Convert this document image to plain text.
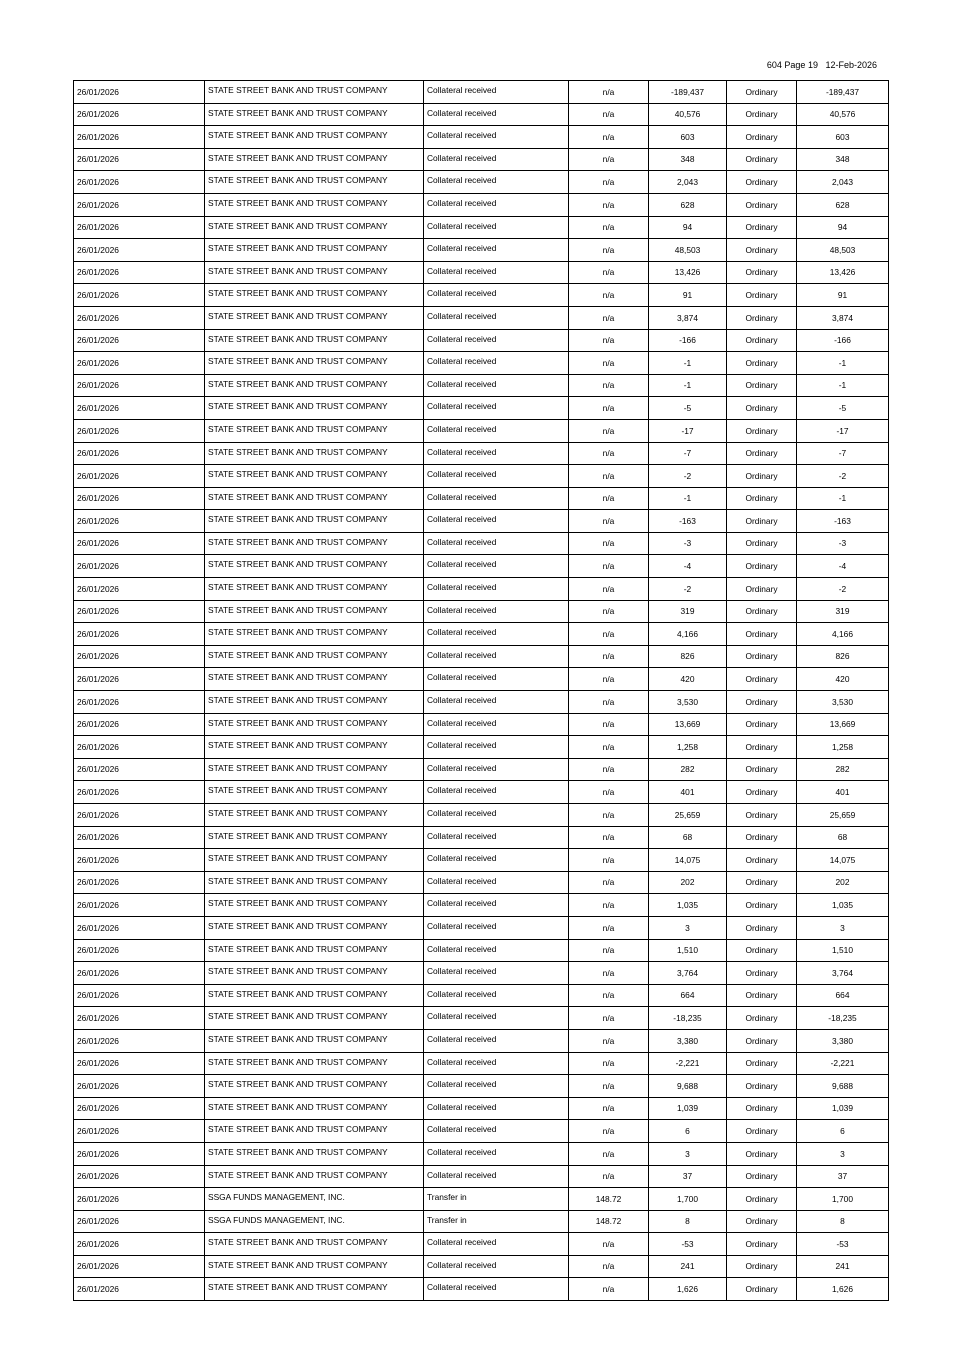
604 Page 19   12-Feb-2026
26/01/2026	STATE STREET BANK AND TRUST COMPANY	Collateral received	n/a	-189,437	Ordinary	-189,437
26/01/2026	STATE STREET BANK AND TRUST COMPANY	Collateral received	n/a	40,576	Ordinary	40,576
26/01/2026	STATE STREET BANK AND TRUST COMPANY	Collateral received	n/a	603	Ordinary	603
26/01/2026	STATE STREET BANK AND TRUST COMPANY	Collateral received	n/a	348	Ordinary	348
26/01/2026	STATE STREET BANK AND TRUST COMPANY	Collateral received	n/a	2,043	Ordinary	2,043
26/01/2026	STATE STREET BANK AND TRUST COMPANY	Collateral received	n/a	628	Ordinary	628
26/01/2026	STATE STREET BANK AND TRUST COMPANY	Collateral received	n/a	94	Ordinary	94
26/01/2026	STATE STREET BANK AND TRUST COMPANY	Collateral received	n/a	48,503	Ordinary	48,503
26/01/2026	STATE STREET BANK AND TRUST COMPANY	Collateral received	n/a	13,426	Ordinary	13,426
26/01/2026	STATE STREET BANK AND TRUST COMPANY	Collateral received	n/a	91	Ordinary	91
26/01/2026	STATE STREET BANK AND TRUST COMPANY	Collateral received	n/a	3,874	Ordinary	3,874
26/01/2026	STATE STREET BANK AND TRUST COMPANY	Collateral received	n/a	-166	Ordinary	-166
26/01/2026	STATE STREET BANK AND TRUST COMPANY	Collateral received	n/a	-1	Ordinary	-1
26/01/2026	STATE STREET BANK AND TRUST COMPANY	Collateral received	n/a	-1	Ordinary	-1
26/01/2026	STATE STREET BANK AND TRUST COMPANY	Collateral received	n/a	-5	Ordinary	-5
26/01/2026	STATE STREET BANK AND TRUST COMPANY	Collateral received	n/a	-17	Ordinary	-17
26/01/2026	STATE STREET BANK AND TRUST COMPANY	Collateral received	n/a	-7	Ordinary	-7
26/01/2026	STATE STREET BANK AND TRUST COMPANY	Collateral received	n/a	-2	Ordinary	-2
26/01/2026	STATE STREET BANK AND TRUST COMPANY	Collateral received	n/a	-1	Ordinary	-1
26/01/2026	STATE STREET BANK AND TRUST COMPANY	Collateral received	n/a	-163	Ordinary	-163
26/01/2026	STATE STREET BANK AND TRUST COMPANY	Collateral received	n/a	-3	Ordinary	-3
26/01/2026	STATE STREET BANK AND TRUST COMPANY	Collateral received	n/a	-4	Ordinary	-4
26/01/2026	STATE STREET BANK AND TRUST COMPANY	Collateral received	n/a	-2	Ordinary	-2
26/01/2026	STATE STREET BANK AND TRUST COMPANY	Collateral received	n/a	319	Ordinary	319
26/01/2026	STATE STREET BANK AND TRUST COMPANY	Collateral received	n/a	4,166	Ordinary	4,166
26/01/2026	STATE STREET BANK AND TRUST COMPANY	Collateral received	n/a	826	Ordinary	826
26/01/2026	STATE STREET BANK AND TRUST COMPANY	Collateral received	n/a	420	Ordinary	420
26/01/2026	STATE STREET BANK AND TRUST COMPANY	Collateral received	n/a	3,530	Ordinary	3,530
26/01/2026	STATE STREET BANK AND TRUST COMPANY	Collateral received	n/a	13,669	Ordinary	13,669
26/01/2026	STATE STREET BANK AND TRUST COMPANY	Collateral received	n/a	1,258	Ordinary	1,258
26/01/2026	STATE STREET BANK AND TRUST COMPANY	Collateral received	n/a	282	Ordinary	282
26/01/2026	STATE STREET BANK AND TRUST COMPANY	Collateral received	n/a	401	Ordinary	401
26/01/2026	STATE STREET BANK AND TRUST COMPANY	Collateral received	n/a	25,659	Ordinary	25,659
26/01/2026	STATE STREET BANK AND TRUST COMPANY	Collateral received	n/a	68	Ordinary	68
26/01/2026	STATE STREET BANK AND TRUST COMPANY	Collateral received	n/a	14,075	Ordinary	14,075
26/01/2026	STATE STREET BANK AND TRUST COMPANY	Collateral received	n/a	202	Ordinary	202
26/01/2026	STATE STREET BANK AND TRUST COMPANY	Collateral received	n/a	1,035	Ordinary	1,035
26/01/2026	STATE STREET BANK AND TRUST COMPANY	Collateral received	n/a	3	Ordinary	3
26/01/2026	STATE STREET BANK AND TRUST COMPANY	Collateral received	n/a	1,510	Ordinary	1,510
26/01/2026	STATE STREET BANK AND TRUST COMPANY	Collateral received	n/a	3,764	Ordinary	3,764
26/01/2026	STATE STREET BANK AND TRUST COMPANY	Collateral received	n/a	664	Ordinary	664
26/01/2026	STATE STREET BANK AND TRUST COMPANY	Collateral received	n/a	-18,235	Ordinary	-18,235
26/01/2026	STATE STREET BANK AND TRUST COMPANY	Collateral received	n/a	3,380	Ordinary	3,380
26/01/2026	STATE STREET BANK AND TRUST COMPANY	Collateral received	n/a	-2,221	Ordinary	-2,221
26/01/2026	STATE STREET BANK AND TRUST COMPANY	Collateral received	n/a	9,688	Ordinary	9,688
26/01/2026	STATE STREET BANK AND TRUST COMPANY	Collateral received	n/a	1,039	Ordinary	1,039
26/01/2026	STATE STREET BANK AND TRUST COMPANY	Collateral received	n/a	6	Ordinary	6
26/01/2026	STATE STREET BANK AND TRUST COMPANY	Collateral received	n/a	3	Ordinary	3
26/01/2026	STATE STREET BANK AND TRUST COMPANY	Collateral received	n/a	37	Ordinary	37
26/01/2026	SSGA FUNDS MANAGEMENT, INC.	Transfer in	148.72	1,700	Ordinary	1,700
26/01/2026	SSGA FUNDS MANAGEMENT, INC.	Transfer in	148.72	8	Ordinary	8
26/01/2026	STATE STREET BANK AND TRUST COMPANY	Collateral received	n/a	-53	Ordinary	-53
26/01/2026	STATE STREET BANK AND TRUST COMPANY	Collateral received	n/a	241	Ordinary	241
26/01/2026	STATE STREET BANK AND TRUST COMPANY	Collateral received	n/a	1,626	Ordinary	1,626
